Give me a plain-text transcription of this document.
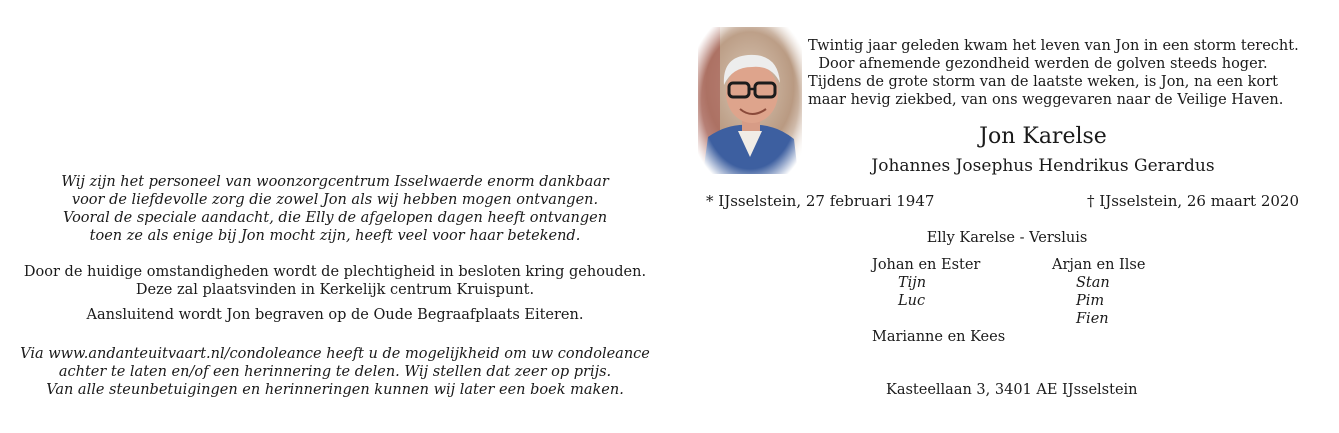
Wij zijn het personeel van woonzorgcentrum Isselwaerde enorm dankbaar
voor de liefdevolle zorg die zowel Jon als wij hebben mogen ontvangen.
Vooral de speciale aandacht, die Elly de afgelopen dagen heeft ontvangen
toen ze als enige bij Jon mocht zijn, heeft veel voor haar betekend.
Door de huidige omstandigheden wordt de plechtigheid in besloten kring gehouden.
Deze zal plaatsvinden in Kerkelijk centrum Kruispunt.
Aansluitend wordt Jon begraven op de Oude Begraafplaats Eiteren.
Via www.andanteuitvaart.nl/condoleance heeft u de mogelijkheid om uw condoleance
achter te laten en/of een herinnering te delen. Wij stellen dat zeer op prijs.
Van alle steunbetuigingen en herinneringen kunnen wij later een boek maken.
Twintig jaar geleden kwam het leven van Jon in een storm terecht.
Door afnemende gezondheid werden de golven steeds hoger.
Tijdens de grote storm van de laatste weken, is Jon, na een kort
maar hevig ziekbed, van ons weggevaren naar de Veilige Haven.
Jon Karelse
Johannes Josephus Hendrikus Gerardus
* IJsselstein, 27 februari 1947	† IJsselstein, 26 maart 2020
Elly Karelse - Versluis
Johan en Ester
Tijn
Luc
Arjan en Ilse
Stan
Pim
Fien
Marianne en Kees
Kasteellaan 3, 3401 AE IJsselstein
